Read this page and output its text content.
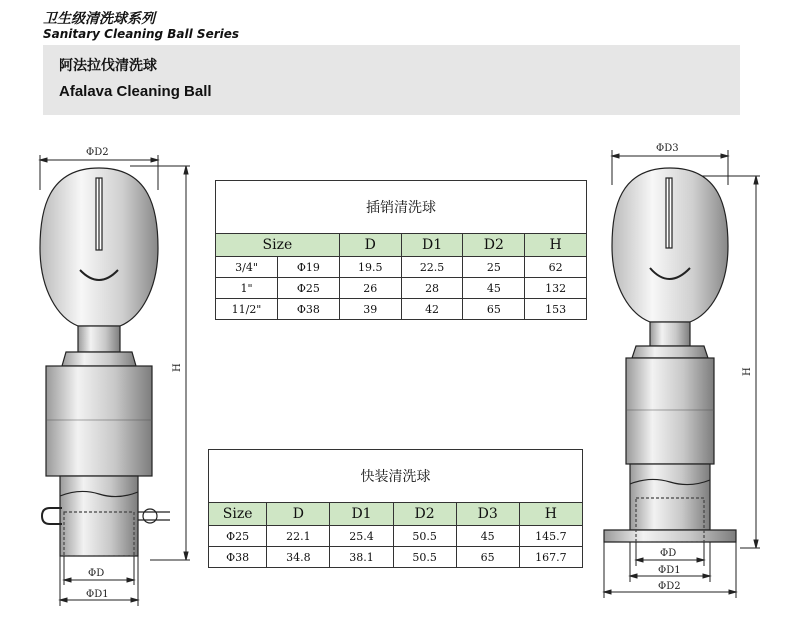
卫生级清洗球系列
Sanitary Cleaning Ball Series
阿法拉伐清洗球
Afalava Cleaning Ball
ΦD2
H
ΦD
ΦD1
ΦD3
H
ΦD
ΦD1
ΦD2
插销清洗球					
Size		D	D1	D2	H
3/4"	Φ19	19.5	22.5	25	62
1"	Φ25	26	28	45	132
11/2"	Φ38	39	42	65	153
快装清洗球					
Size	D	D1	D2	D3	H
Φ25	22.1	25.4	50.5	45	145.7
Φ38	34.8	38.1	50.5	65	167.7
